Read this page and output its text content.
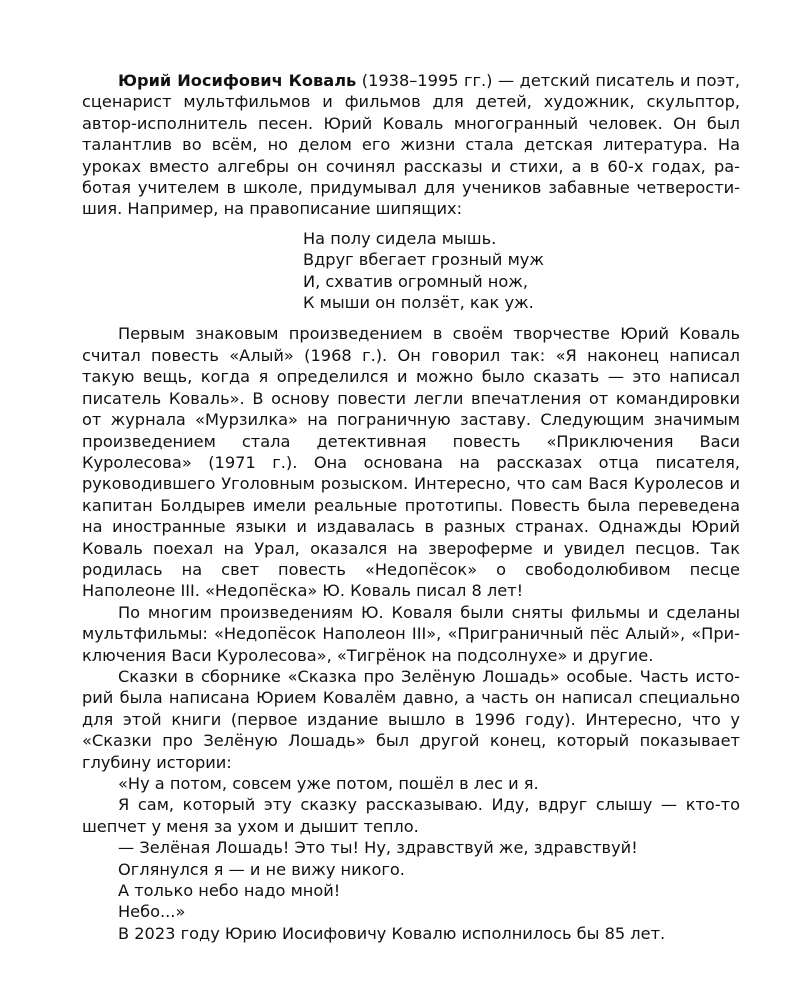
Юрий Иосифович Коваль (1938–1995 гг.) — детский писатель и поэт, сценарист мультфильмов и фильмов для детей, художник, скульптор, автор-исполнитель песен. Юрий Коваль многогранный человек. Он был талантлив во всём, но делом его жизни стала детская литература. На уроках вместо алгебры он сочинял рассказы и стихи, а в 60-х годах, работая учителем в школе, придумывал для учеников забавные четверостишия. Например, на правописание шипящих:

На полу сидела мышь.
Вдруг вбегает грозный муж
И, схватив огромный нож,
К мыши он ползёт, как уж.

Первым знаковым произведением в своём творчестве Юрий Коваль считал повесть «Алый» (1968 г.). Он говорил так: «Я наконец написал такую вещь, когда я определился и можно было сказать — это написал писатель Коваль». В основу повести легли впечатления от командировки от журнала «Мурзилка» на пограничную заставу. Следующим значимым произведением стала детективная повесть «Приключения Васи Куролесова» (1971 г.). Она основана на рассказах отца писателя, руководившего Уголовным розыском. Интересно, что сам Вася Куролесов и капитан Болдырев имели реальные прототипы. Повесть была переведена на иностранные языки и издавалась в разных странах. Однажды Юрий Коваль поехал на Урал, оказался на звероферме и увидел песцов. Так родилась на свет повесть «Недопёсок» о свободолюбивом песце Наполеоне III. «Недопёска» Ю. Коваль писал 8 лет!

По многим произведениям Ю. Коваля были сняты фильмы и сделаны мультфильмы: «Недопёсок Наполеон III», «Приграничный пёс Алый», «Приключения Васи Куролесова», «Тигрёнок на подсолнухе» и другие.

Сказки в сборнике «Сказка про Зелёную Лошадь» особые. Часть историй была написана Юрием Ковалём давно, а часть он написал специально для этой книги (первое издание вышло в 1996 году). Интересно, что у «Сказки про Зелёную Лошадь» был другой конец, который показывает глубину истории:

«Ну а потом, совсем уже потом, пошёл в лес и я.

Я сам, который эту сказку рассказываю. Иду, вдруг слышу — кто-то шепчет у меня за ухом и дышит тепло.

— Зелёная Лошадь! Это ты! Ну, здравствуй же, здравствуй!

Оглянулся я — и не вижу никого.

А только небо надо мной!

Небо...»

В 2023 году Юрию Иосифовичу Ковалю исполнилось бы 85 лет.
